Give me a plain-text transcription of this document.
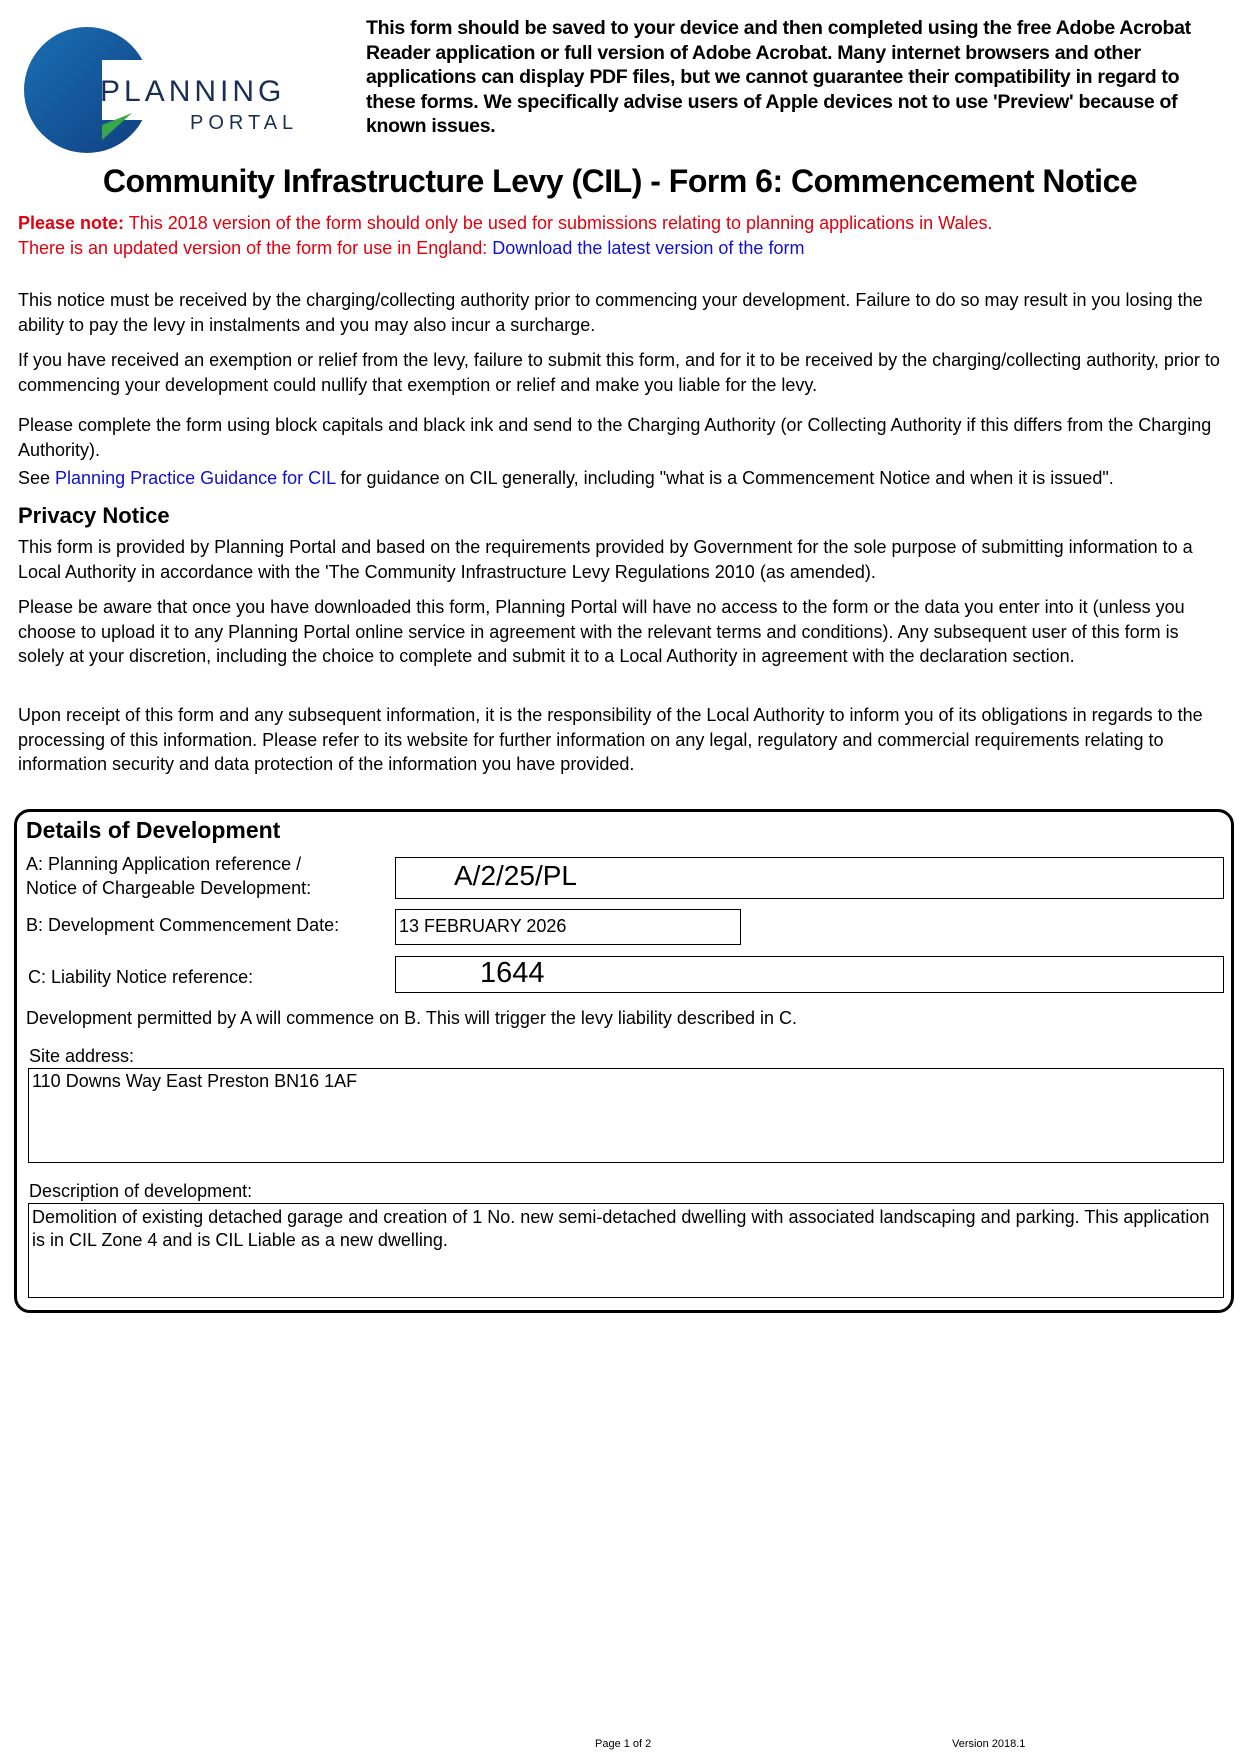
PLANNING
PORTAL
This form should be saved to your device and then completed using the free Adobe Acrobat Reader application or full version of Adobe Acrobat. Many internet browsers and other applications can display PDF files, but we cannot guarantee their compatibility in regard to these forms. We specifically advise users of Apple devices not to use 'Preview' because of known issues.
Community Infrastructure Levy (CIL) - Form 6: Commencement Notice
Please note: This 2018 version of the form should only be used for submissions relating to planning applications in Wales.
There is an updated version of the form for use in England: Download the latest version of the form
This notice must be received by the charging/collecting authority prior to commencing your development. Failure to do so may result in you losing the ability to pay the levy in instalments and you may also incur a surcharge.
If you have received an exemption or relief from the levy, failure to submit this form, and for it to be received by the charging/collecting authority, prior to commencing your development could nullify that exemption or relief and make you liable for the levy.
Please complete the form using block capitals and black ink and send to the Charging Authority (or Collecting Authority if this differs from the Charging Authority).
See Planning Practice Guidance for CIL for guidance on CIL generally, including "what is a Commencement Notice and when it is issued".
Privacy Notice
This form is provided by Planning Portal and based on the requirements provided by Government for the sole purpose of submitting information to a Local Authority in accordance with the 'The Community Infrastructure Levy Regulations 2010 (as amended).
Please be aware that once you have downloaded this form, Planning Portal will have no access to the form or the data you enter into it (unless you choose to upload it to any Planning Portal online service in agreement with the relevant terms and conditions). Any subsequent user of this form is solely at your discretion, including the choice to complete and submit it to a Local Authority in agreement with the declaration section.
Upon receipt of this form and any subsequent information, it is the responsibility of the Local Authority to inform you of its obligations in regards to the processing of this information. Please refer to its website for further information on any legal, regulatory and commercial requirements relating to information security and data protection of the information you have provided.
Details of Development
A: Planning Application reference /
Notice of Chargeable Development:	A/2/25/PL
B: Development Commencement Date:	13 FEBRUARY 2026
C: Liability Notice reference:	1644
Development permitted by A will commence on B. This will trigger the levy liability described in C.
Site address:
110 Downs Way East Preston BN16 1AF
Description of development:
Demolition of existing detached garage and creation of 1 No. new semi-detached dwelling with associated landscaping and parking. This application is in CIL Zone 4 and is CIL Liable as a new dwelling.
Page 1 of 2	Version 2018.1
